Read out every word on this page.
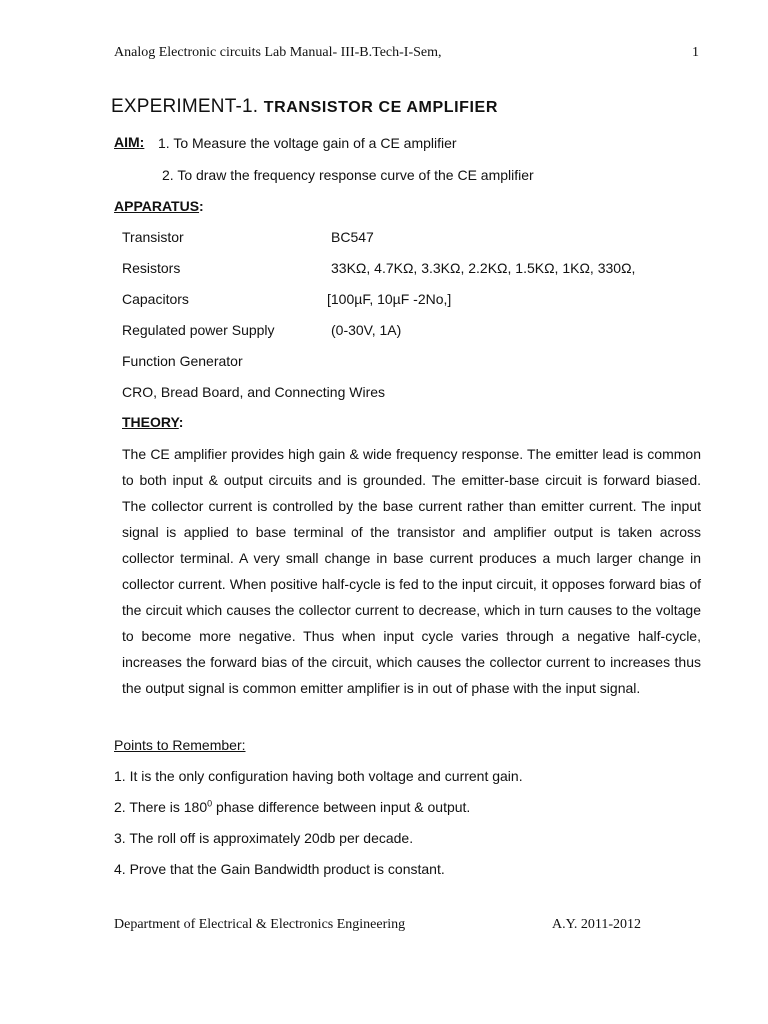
Analog Electronic circuits Lab Manual- III-B.Tech-I-Sem,	1
EXPERIMENT-1. TRANSISTOR CE AMPLIFIER
AIM: 1. To Measure the voltage gain of a CE amplifier
2. To draw the frequency response curve of the CE amplifier
APPARATUS:
Transistor	BC547
Resistors	33KΩ, 4.7KΩ, 3.3KΩ, 2.2KΩ, 1.5KΩ, 1KΩ, 330Ω,
Capacitors	[100µF, 10µF -2No,]
Regulated power Supply	(0-30V, 1A)
Function Generator
CRO, Bread Board, and Connecting Wires
THEORY:

The CE amplifier provides high gain & wide frequency response. The emitter lead is common to both input & output circuits and is grounded. The emitter-base circuit is forward biased. The collector current is controlled by the base current rather than emitter current. The input signal is applied to base terminal of the transistor and amplifier output is taken across collector terminal. A very small change in base current produces a much larger change in collector current. When positive half-cycle is fed to the input circuit, it opposes forward bias of the circuit which causes the collector current to decrease, which in turn causes to the voltage to become more negative. Thus when input cycle varies through a negative half-cycle, increases the forward bias of the circuit, which causes the collector current to increases thus the output signal is common emitter amplifier is in out of phase with the input signal.

Points to Remember:
1. It is the only configuration having both voltage and current gain.
2. There is $180^0$ phase difference between input & output.
3. The roll off is approximately 20db per decade.
4. Prove that the Gain Bandwidth product is constant.
Department of Electrical & Electronics Engineering	A.Y. 2011-2012
